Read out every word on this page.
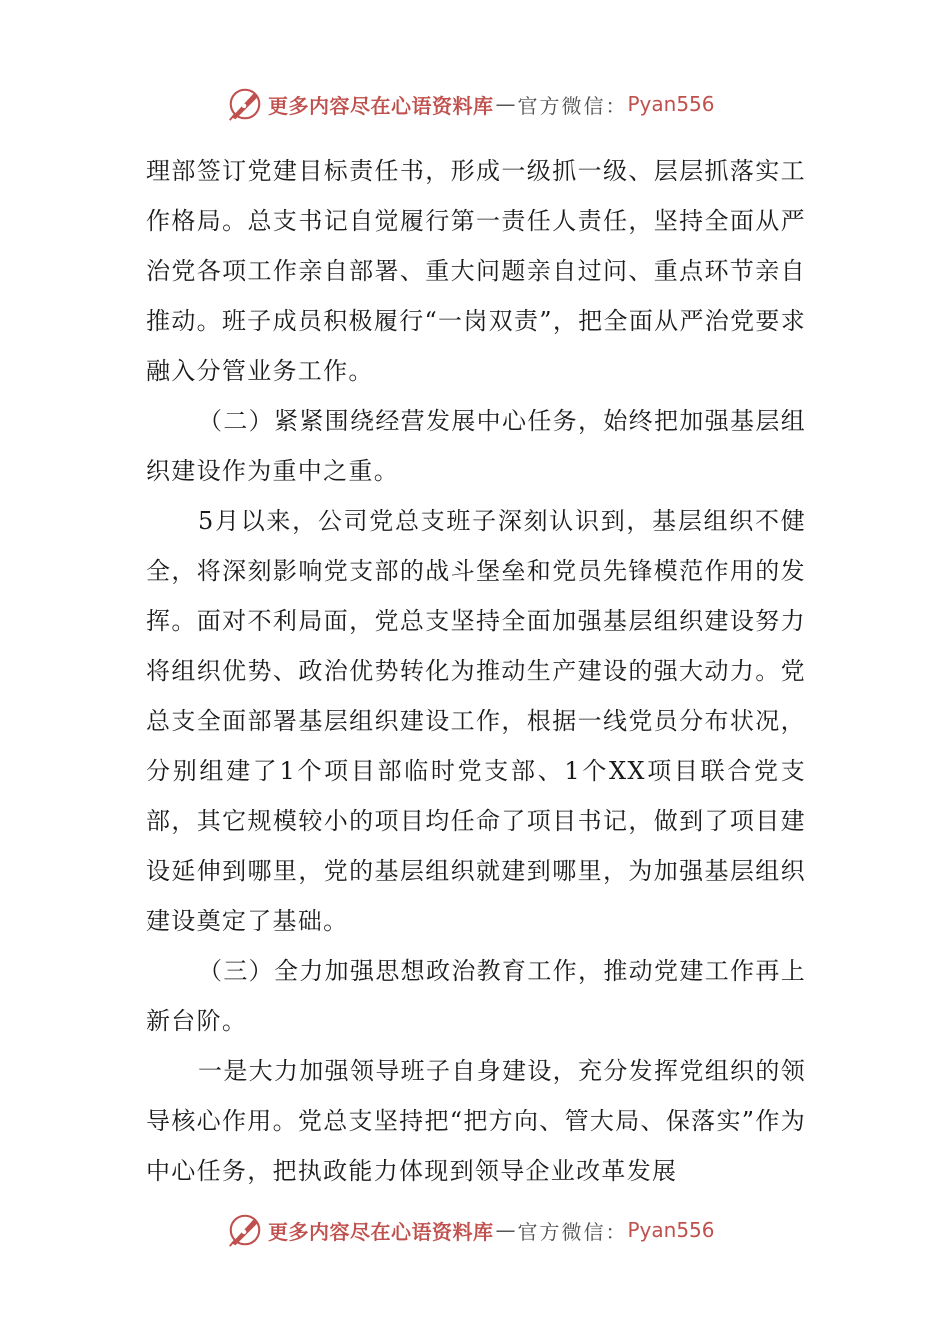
更多内容尽在心语资料库 — 官方微信： Pyan556

理部签订党建目标责任书，形成一级抓一级、层层抓落实工作格局。总支书记自觉履行第一责任人责任，坚持全面从严治党各项工作亲自部署、重大问题亲自过问、重点环节亲自推动。班子成员积极履行“一岗双责”，把全面从严治党要求融入分管业务工作。

（二）紧紧围绕经营发展中心任务，始终把加强基层组织建设作为重中之重。

5月以来，公司党总支班子深刻认识到，基层组织不健全，将深刻影响党支部的战斗堡垒和党员先锋模范作用的发挥。面对不利局面，党总支坚持全面加强基层组织建设努力将组织优势、政治优势转化为推动生产建设的强大动力。党总支全面部署基层组织建设工作，根据一线党员分布状况，分别组建了1个项目部临时党支部、1个XX项目联合党支部，其它规模较小的项目均任命了项目书记，做到了项目建设延伸到哪里，党的基层组织就建到哪里，为加强基层组织建设奠定了基础。

（三）全力加强思想政治教育工作，推动党建工作再上新台阶。

一是大力加强领导班子自身建设，充分发挥党组织的领导核心作用。党总支坚持把“把方向、管大局、保落实”作为中心任务，把执政能力体现到领导企业改革发展

更多内容尽在心语资料库 — 官方微信： Pyan556
